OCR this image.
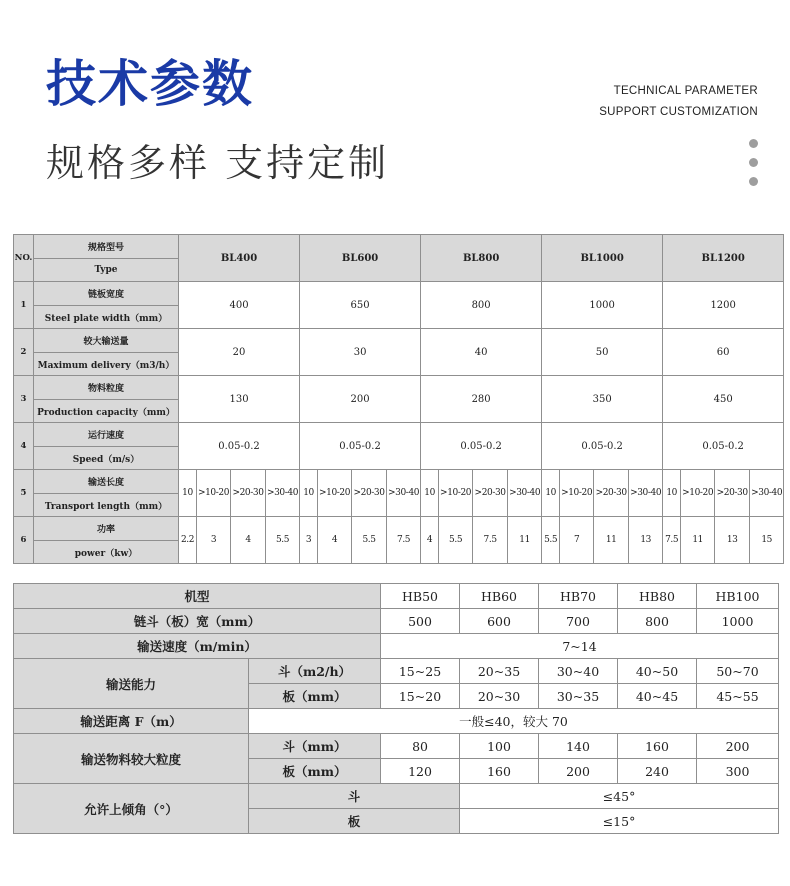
技术参数
规格多样 支持定制
TECHNICAL PARAMETER
SUPPORT CUSTOMIZATION
NO.	规格型号	BL400				BL600				BL800				BL1000				BL1200			
	Type																				
1	链板宽度	400				650				800				1000				1200			
	Steel plate width（mm）																				
2	较大输送量	20				30				40				50				60			
	Maximum delivery（m3/h）																				
3	物料粒度	130				200				280				350				450			
	Production capacity（mm）																				
4	运行速度	0.05-0.2				0.05-0.2				0.05-0.2				0.05-0.2				0.05-0.2			
	Speed（m/s）																				
5	输送长度	10	>10-20	>20-30	>30-40	10	>10-20	>20-30	>30-40	10	>10-20	>20-30	>30-40	10	>10-20	>20-30	>30-40	10	>10-20	>20-30	>30-40
	Transport length（mm）																				
6	功率	2.2	3	4	5.5	3	4	5.5	7.5	4	5.5	7.5	11	5.5	7	11	13	7.5	11	13	15
	power（kw）																				
机型		HB50	HB60	HB70	HB80	HB100
链斗（板）宽（mm）		500	600	700	800	1000
输送速度（m/min）		7~14				
输送能力	斗（m2/h）	15~25	20~35	30~40	40~50	50~70
	板（mm）	15~20	20~30	30~35	40~45	45~55
输送距离 F（m）	一般≤40，较大 70					
输送物料较大粒度	斗（mm）	80	100	140	160	200
	板（mm）	120	160	200	240	300
允许上倾角（°）	斗		≤45°			
	板		≤15°			
